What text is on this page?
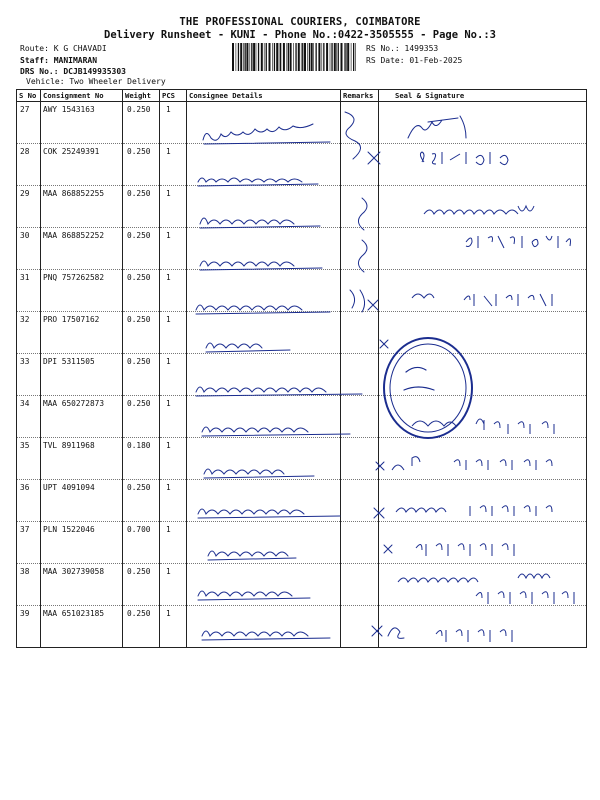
THE PROFESSIONAL COURIERS, COIMBATORE
Delivery Runsheet - KUNI - Phone No.:0422-3505555 - Page No.:3
Route: K G CHAVADI
Staff: MANIMARAN
DRS No.: DCJB149935303
Vehicle: Two Wheeler Delivery
RS No.: 1499353
RS Date: 01-Feb-2025
S No	Consignment No	Weight	PCS	Consignee Details	Remarks	Seal & Signature
27	AWY 1543163	0.250	1			
28	COK 25249391	0.250	1			
29	MAA 868852255	0.250	1			
30	MAA 868852252	0.250	1			
31	PNQ 757262582	0.250	1			
32	PRO 17507162	0.250	1			
33	DPI 5311505	0.250	1			
34	MAA 650272873	0.250	1			
35	TVL 8911968	0.180	1			
36	UPT 4091094	0.250	1			
37	PLN 1522046	0.700	1			
38	MAA 302739058	0.250	1			
39	MAA 651023185	0.250	1			
